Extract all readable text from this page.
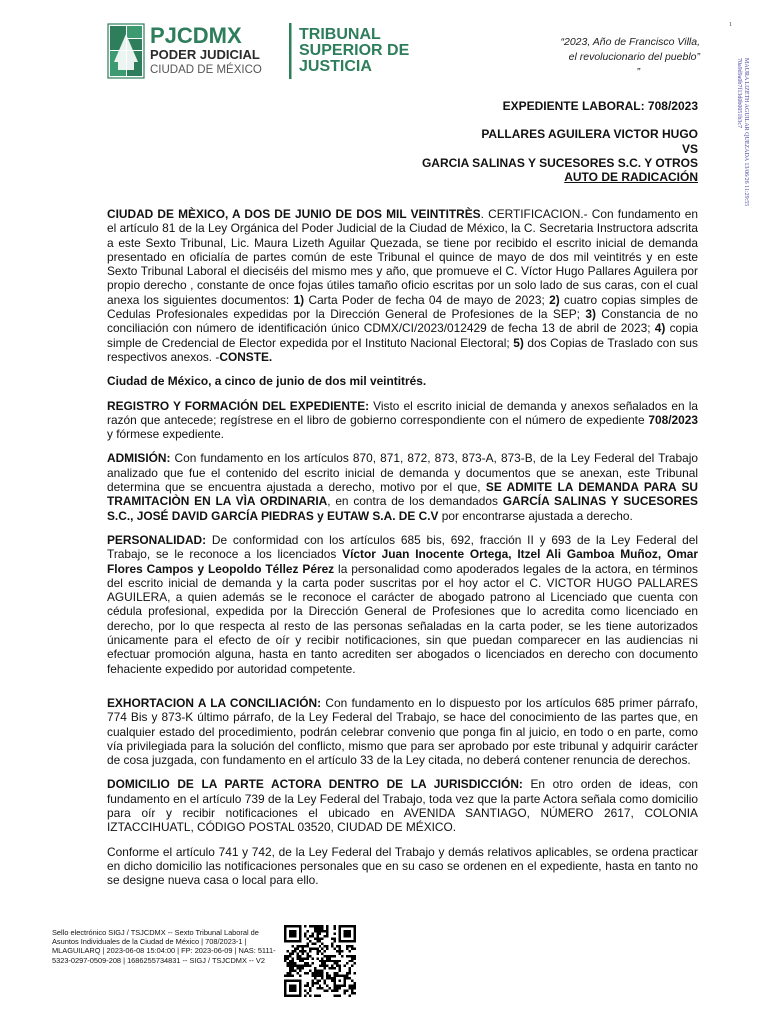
PJCDMX
PODER JUDICIAL
CIUDAD DE MÉXICO
TRIBUNAL
SUPERIOR DE
JUSTICIA
“2023, Año de Francisco Villa,
el revolucionario del pueblo”
”
1
MAURA LIZETH AGUILAR QUEZADA 13/06/26 11:29:55
70a9d9a0b7f13d0b0051b3c7
EXPEDIENTE LABORAL: 708/2023
PALLARES AGUILERA VICTOR HUGO
VS
GARCIA SALINAS Y SUCESORES S.C. Y OTROS
AUTO DE RADICACIÓN

CIUDAD DE MÈXICO, A DOS DE JUNIO DE DOS MIL VEINTITRÈS. CERTIFICACION.- Con fundamento en el artículo 81 de la Ley Orgánica del Poder Judicial de la Ciudad de México, la C. Secretaria Instructora adscrita a este Sexto Tribunal, Lic. Maura Lizeth Aguilar Quezada, se tiene por recibido el escrito inicial de demanda presentado en oficialía de partes común de este Tribunal el quince de mayo de dos mil veintitrés y en este Sexto Tribunal Laboral el dieciséis del mismo mes y año, que promueve el C. Víctor Hugo Pallares Aguilera por propio derecho , constante de once fojas útiles tamaño oficio escritas por un solo lado de sus caras, con el cual anexa los siguientes documentos: 1) Carta Poder de fecha 04 de mayo de 2023; 2) cuatro copias simples de Cedulas Profesionales expedidas por la Dirección General de Profesiones de la SEP; 3) Constancia de no conciliación con número de identificación único CDMX/CI/2023/012429 de fecha 13 de abril de 2023; 4) copia simple de Credencial de Elector expedida por el Instituto Nacional Electoral; 5) dos Copias de Traslado con sus respectivos anexos. -CONSTE.

Ciudad de México, a cinco de junio de dos mil veintitrés.

REGISTRO Y FORMACIÓN DEL EXPEDIENTE: Visto el escrito inicial de demanda y anexos señalados en la razón que antecede; regístrese en el libro de gobierno correspondiente con el número de expediente 708/2023 y fórmese expediente.

ADMISIÓN: Con fundamento en los artículos 870, 871, 872, 873, 873-A, 873-B, de la Ley Federal del Trabajo analizado que fue el contenido del escrito inicial de demanda y documentos que se anexan, este Tribunal determina que se encuentra ajustada a derecho, motivo por el que, SE ADMITE LA DEMANDA PARA SU TRAMITACIÒN EN LA VÌA ORDINARIA, en contra de los demandados GARCÍA SALINAS Y SUCESORES S.C., JOSÉ DAVID GARCÍA PIEDRAS y EUTAW S.A. DE C.V por encontrarse ajustada a derecho.

PERSONALIDAD: De conformidad con los artículos 685 bis, 692, fracción II y 693 de la Ley Federal del Trabajo, se le reconoce a los licenciados Víctor Juan Inocente Ortega, Itzel Ali Gamboa Muñoz, Omar Flores Campos y Leopoldo Téllez Pérez la personalidad como apoderados legales de la actora, en términos del escrito inicial de demanda y la carta poder suscritas por el hoy actor el C. VICTOR HUGO PALLARES AGUILERA, a quien además se le reconoce el carácter de abogado patrono al Licenciado que cuenta con cédula profesional, expedida por la Dirección General de Profesiones que lo acredita como licenciado en derecho, por lo que respecta al resto de las personas señaladas en la carta poder, se les tiene autorizados únicamente para el efecto de oír y recibir notificaciones, sin que puedan comparecer en las audiencias ni efectuar promoción alguna, hasta en tanto acrediten ser abogados o licenciados en derecho con documento fehaciente expedido por autoridad competente.

EXHORTACION A LA CONCILIACIÓN: Con fundamento en lo dispuesto por los artículos 685 primer párrafo, 774 Bis y 873-K último párrafo, de la Ley Federal del Trabajo, se hace del conocimiento de las partes que, en cualquier estado del procedimiento, podrán celebrar convenio que ponga fin al juicio, en todo o en parte, como vía privilegiada para la solución del conflicto, mismo que para ser aprobado por este tribunal y adquirir carácter de cosa juzgada, con fundamento en el artículo 33 de la Ley citada, no deberá contener renuncia de derechos.

DOMICILIO DE LA PARTE ACTORA DENTRO DE LA JURISDICCIÓN: En otro orden de ideas, con fundamento en el artículo 739 de la Ley Federal del Trabajo, toda vez que la parte Actora señala como domicilio para oír y recibir notificaciones el ubicado en AVENIDA SANTIAGO, NÚMERO 2617, COLONIA IZTACCIHUATL, CÓDIGO POSTAL 03520, CIUDAD DE MÉXICO.

Conforme el artículo 741 y 742, de la Ley Federal del Trabajo y demás relativos aplicables, se ordena practicar en dicho domicilio las notificaciones personales que en su caso se ordenen en el expediente, hasta en tanto no se designe nueva casa o local para ello.

Sello electrónico SIGJ / TSJCDMX -- Sexto Tribunal Laboral de Asuntos Individuales de la Ciudad de México | 708/2023-1 | MLAGUILARQ | 2023-06-08 15:04:00 | FP: 2023-06-09 | NAS: 5111-5323-0297-0509-208 | 1686255734831 -- SIGJ / TSJCDMX -- V2
